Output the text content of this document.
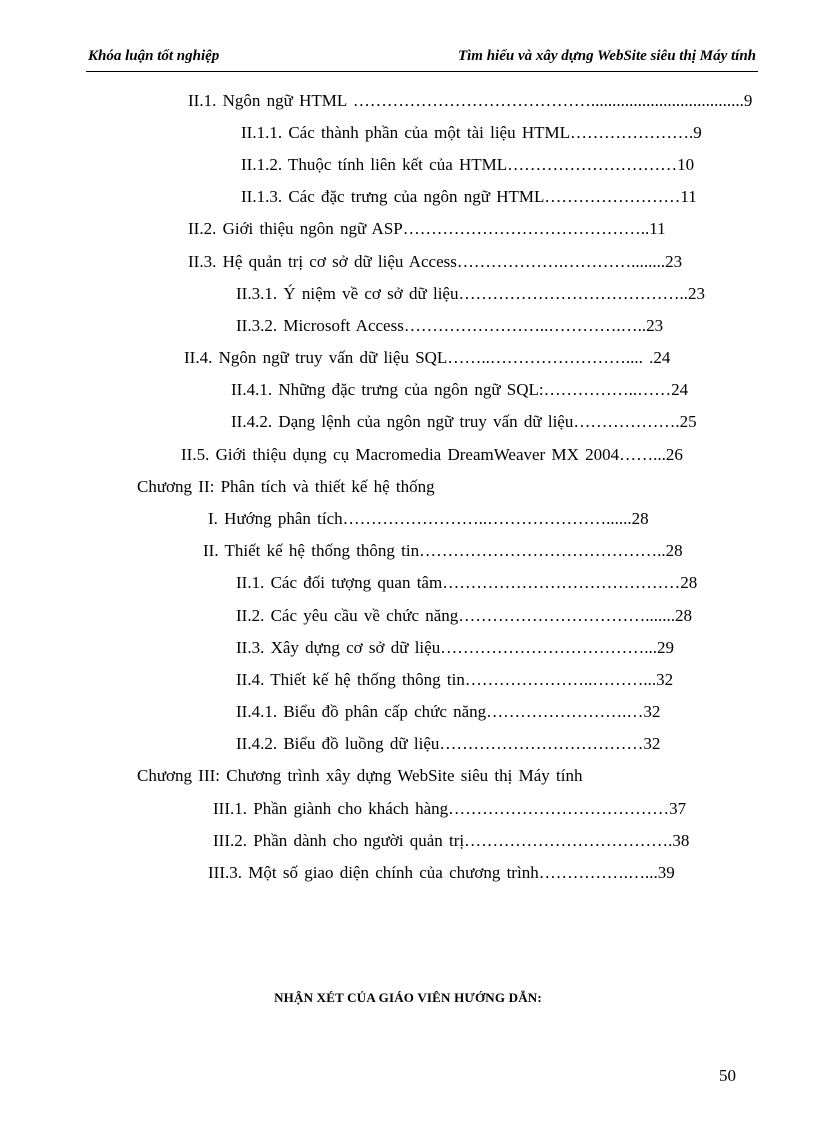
Khóa luận tốt nghiệp	Tìm hiểu và xây dựng WebSite siêu thị Máy tính
II.1. Ngôn ngữ HTML ……………………………………....................................9
II.1.1. Các thành phần của một tài liệu HTML………………….9
II.1.2. Thuộc tính liên kết của HTML…………………………10
II.1.3. Các đặc trưng của ngôn ngữ HTML……………………11
II.2. Giới thiệu ngôn ngữ ASP……………………………………..11
II.3. Hệ quản trị cơ sở dữ liệu Access……………….…………........23
II.3.1. Ý niệm về cơ sở dữ liệu…………………………………..23
II.3.2. Microsoft Access……………………..………….…..23
II.4. Ngôn ngữ truy vấn dữ liệu SQL……..…………………….... .24
II.4.1. Những đặc trưng của ngôn ngữ SQL:……………..……24
II.4.2. Dạng lệnh của ngôn ngữ truy vấn dữ liệu……………….25
II.5. Giới thiệu dụng cụ Macromedia DreamWeaver MX 2004……...26
Chương II: Phân tích và thiết kế hệ thống
I. Hướng phân tích……………………..…………………......28
II. Thiết kế hệ thống thông tin……………………………………..28
II.1. Các đối tượng quan tâm……………………………………28
II.2. Các yêu cầu về chức năng…………………………….......28
II.3. Xây dựng cơ sở dữ liệu………………………………...29
II.4. Thiết kế hệ thống thông tin…………………..………...32
II.4.1. Biểu đồ phân cấp chức năng…………………….…32
II.4.2. Biểu đồ luồng dữ liệu………………………………32
Chương III: Chương trình xây dựng WebSite siêu thị Máy tính
III.1. Phần giành cho khách hàng…………………………………37
III.2. Phần dành cho người quản trị……………………………….38
III.3. Một số giao diện chính của chương trình…………….…...39
NHẬN XÉT CỦA GIÁO VIÊN HƯỚNG DẪN:
50
